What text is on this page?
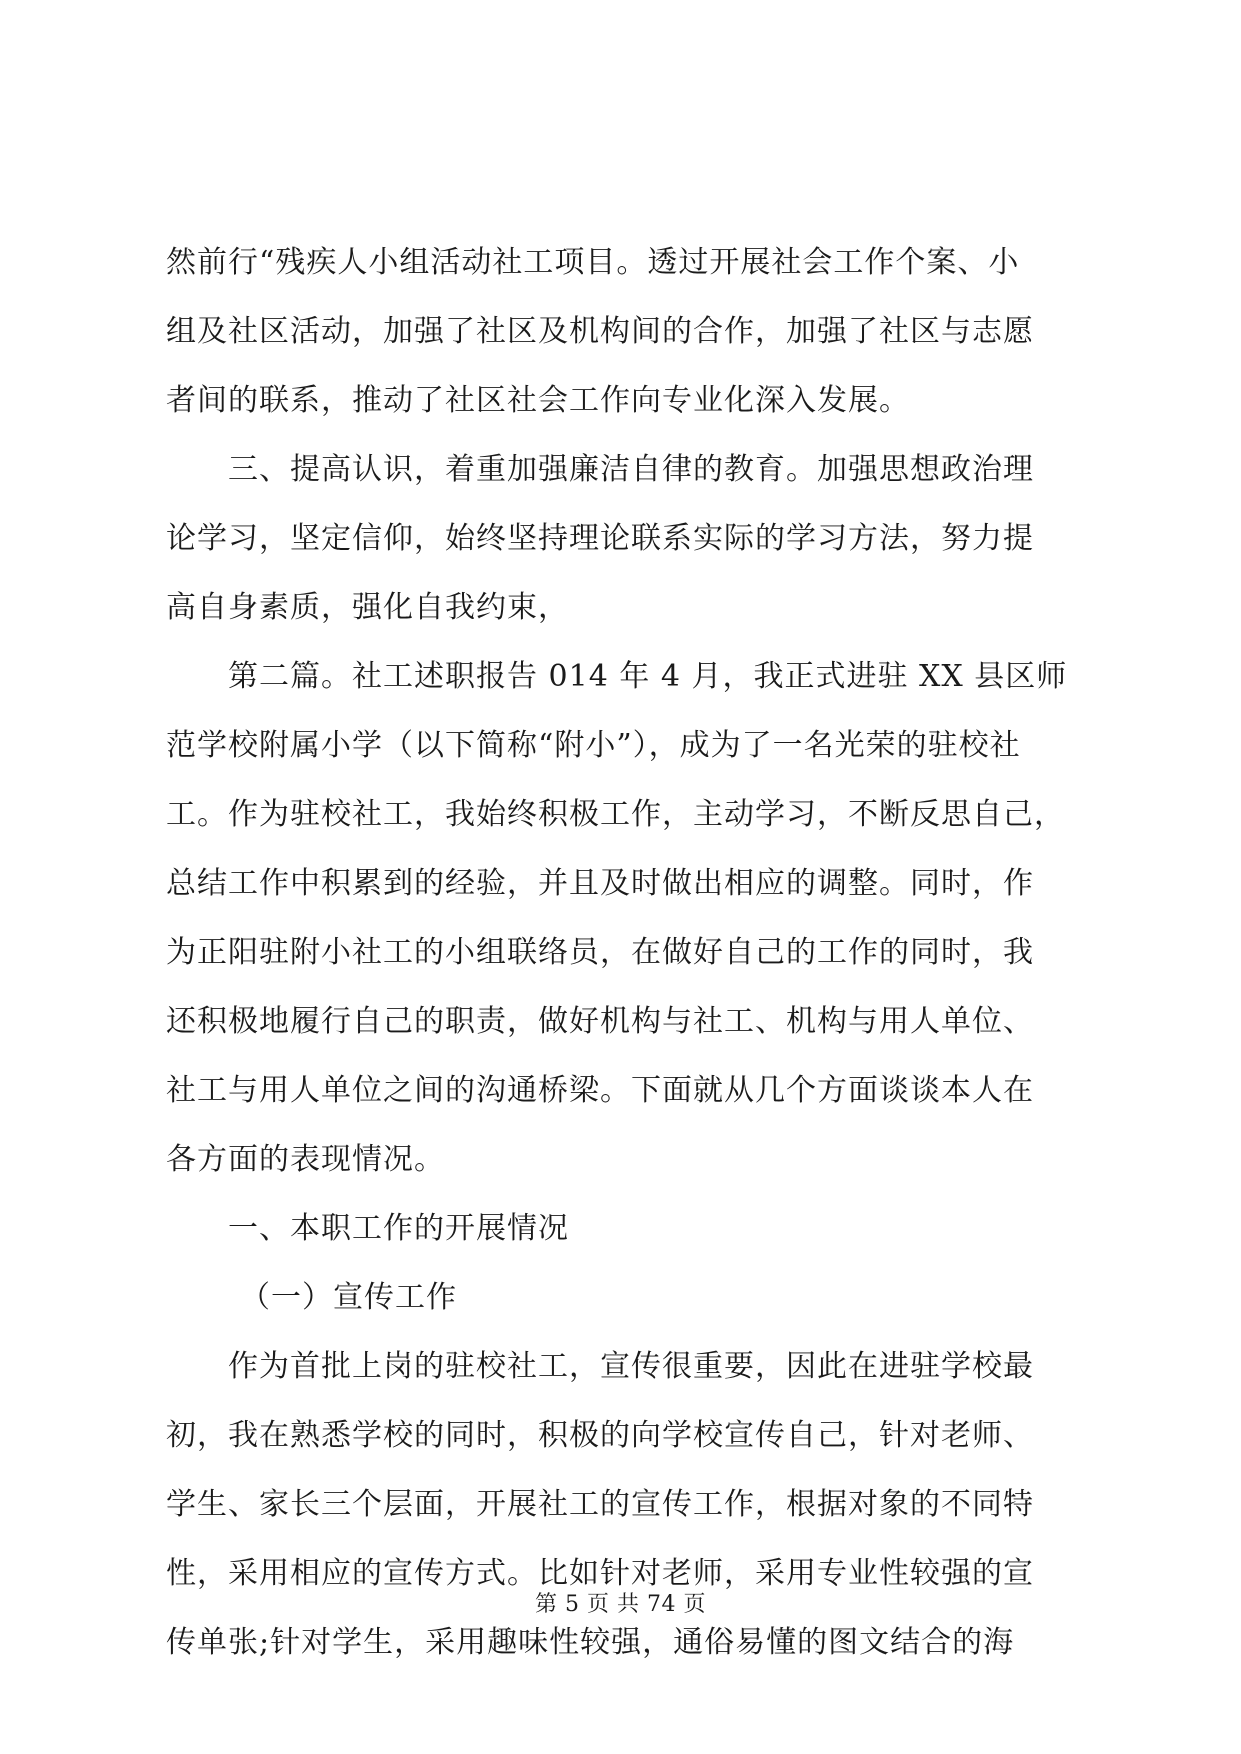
然前行“残疾人小组活动社工项目。透过开展社会工作个案、小
组及社区活动，加强了社区及机构间的合作，加强了社区与志愿
者间的联系，推动了社区社会工作向专业化深入发展。
三、提高认识，着重加强廉洁自律的教育。加强思想政治理
论学习，坚定信仰，始终坚持理论联系实际的学习方法，努力提
高自身素质，强化自我约束，
第二篇。社工述职报告 014 年 4 月，我正式进驻 XX 县区师
范学校附属小学（以下简称“附小”），成为了一名光荣的驻校社
工。作为驻校社工，我始终积极工作，主动学习，不断反思自己，
总结工作中积累到的经验，并且及时做出相应的调整。同时，作
为正阳驻附小社工的小组联络员，在做好自己的工作的同时，我
还积极地履行自己的职责，做好机构与社工、机构与用人单位、
社工与用人单位之间的沟通桥梁。下面就从几个方面谈谈本人在
各方面的表现情况。
一、本职工作的开展情况
（一）宣传工作
作为首批上岗的驻校社工，宣传很重要，因此在进驻学校最
初，我在熟悉学校的同时，积极的向学校宣传自己，针对老师、
学生、家长三个层面，开展社工的宣传工作，根据对象的不同特
性，采用相应的宣传方式。比如针对老师，采用专业性较强的宣
传单张;针对学生，采用趣味性较强，通俗易懂的图文结合的海
第 5 页 共 74 页
